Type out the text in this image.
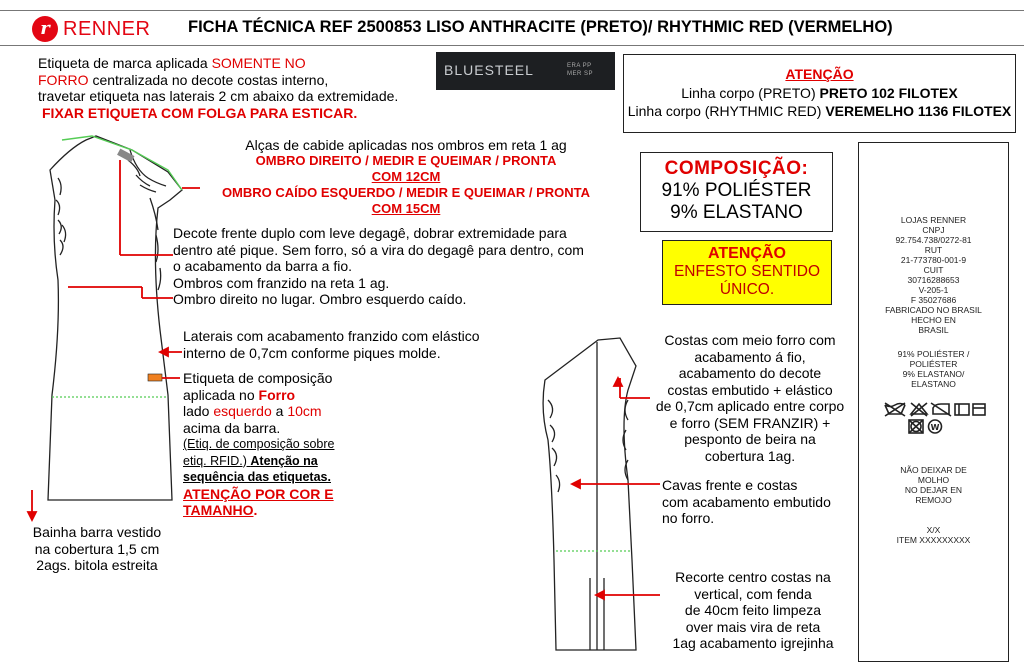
r RENNER FICHA TÉCNICA REF 2500853 LISO ANTHRACITE (PRETO)/ RHYTHMIC RED (VERMELHO)
BLUESTEEL	ERA PP
MER SP
Etiqueta de marca aplicada SOMENTE NO
FORRO centralizada no decote costas interno,
travetar etiqueta nas laterais 2 cm abaixo da extremidade.
FIXAR ETIQUETA COM FOLGA PARA ESTICAR.
ATENÇÃO
Linha corpo (PRETO) PRETO 102 FILOTEX
Linha corpo (RHYTHMIC RED) VEREMELHO 1136 FILOTEX
COMPOSIÇÃO:
91% POLIÉSTER
9% ELASTANO
ATENÇÃO
ENFESTO SENTIDO
ÚNICO.
Alças de cabide aplicadas nos ombros em reta 1 ag
OMBRO DIREITO / MEDIR E QUEIMAR / PRONTA
COM 12CM
OMBRO CAÍDO ESQUERDO / MEDIR E QUEIMAR / PRONTA
COM 15CM
Decote frente duplo com leve degagê, dobrar extremidade para
dentro até pique. Sem forro, só a vira do degagê para dentro, com
o acabamento da barra a fio.
Ombros com franzido na reta 1 ag.
Ombro direito no lugar. Ombro esquerdo caído.
Laterais com acabamento franzido com elástico
interno de 0,7cm conforme piques molde.
Etiqueta de composição
aplicada no Forro
lado esquerdo a 10cm
acima da barra.
(Etiq. de composição sobre
etiq. RFID.) Atenção na
sequência das etiquetas.
ATENÇÃO POR COR E
TAMANHO.
Bainha barra vestido
na cobertura 1,5 cm
2ags. bitola estreita
Costas com meio forro com
acabamento á fio,
acabamento do decote
costas embutido + elástico
de 0,7cm aplicado entre corpo
e forro (SEM FRANZIR) +
pesponto de beira na
cobertura 1ag.
Cavas frente e costas
com acabamento embutido
no forro.
Recorte centro costas na
vertical, com fenda
de 40cm feito limpeza
over mais vira de reta
1ag acabamento igrejinha
LOJAS RENNER
CNPJ
92.754.738/0272-81
RUT
21-773780-001-9
CUIT
30716288653
V-205-1
F 35027686
FABRICADO NO BRASIL
HECHO EN
BRASIL
91% POLIÉSTER /
POLIÉSTER
9% ELASTANO/
ELASTANO
W
NÃO DEIXAR DE
MOLHO
NO DEJAR EN
REMOJO
X/X
ITEM XXXXXXXXX
